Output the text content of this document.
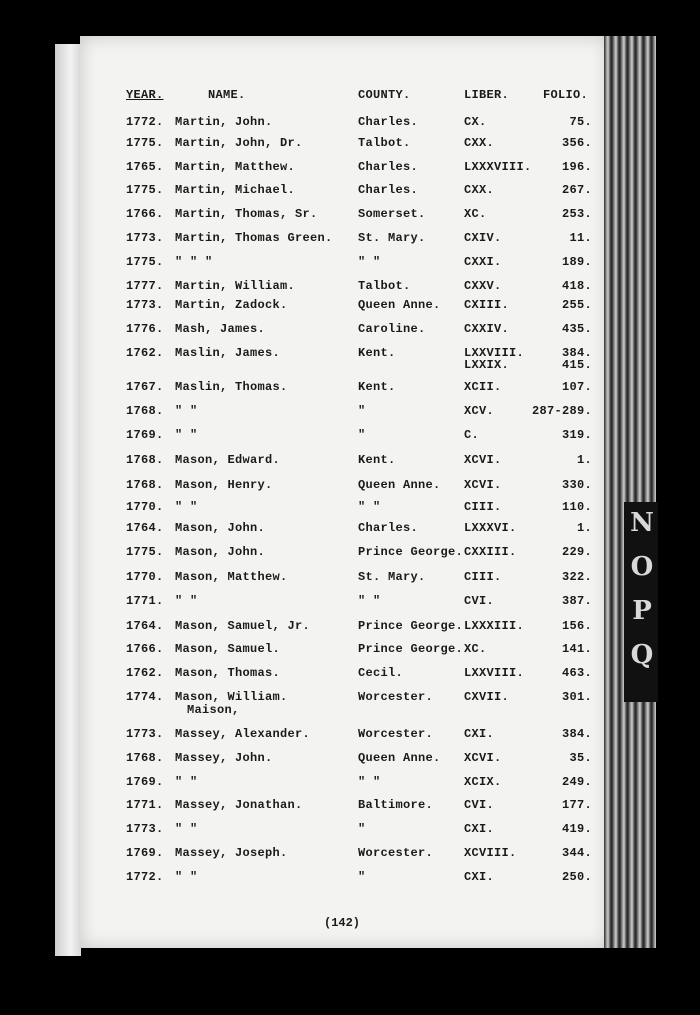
N
O
P
Q
YEAR.	NAME.	COUNTY.	LIBER.	FOLIO.
1772. Martin, John.	Charles.	CX.	75.
1775. Martin, John, Dr.	Talbot.	CXX.	356.
1765. Martin, Matthew.	Charles.	LXXXVIII.	196.
1775. Martin, Michael.	Charles.	CXX.	267.
1766. Martin, Thomas, Sr.	Somerset.	XC.	253.
1773. Martin, Thomas Green. St. Mary.	CXIV.	11.
1775. " " "	" "	CXXI.	189.
1777. Martin, William.	Talbot.	CXXV.	418.
1773. Martin, Zadock.	Queen Anne. CXIII.	255.
1776. Mash, James.	Caroline.	CXXIV.	435.
1762. Maslin, James.	Kent.	LXXVIII.	384.
LXXIX.	415.
1767. Maslin, Thomas.	Kent.	XCII.	107.
1768. " "	"	XCV.	287-289.
1769. " "	"	C.	319.
1768. Mason, Edward.	Kent.	XCVI.	1.
1768. Mason, Henry.	Queen Anne. XCVI.	330.
1770. " "	" "	CIII.	110.
1764. Mason, John.	Charles.	LXXXVI.	1.
1775. Mason, John.	Prince George. CXXIII.	229.
1770. Mason, Matthew.	St. Mary.	CIII.	322.
1771. " "	" "	CVI.	387.
1764. Mason, Samuel, Jr.	Prince George. LXXXIII.	156.
1766. Mason, Samuel.	Prince George. XC.	141.
1762. Mason, Thomas.	Cecil.	LXXVIII.	463.
1774. Mason, William.	Worcester.	CXVII.	301.
Maison,
1773. Massey, Alexander.	Worcester.	CXI.	384.
1768. Massey, John.	Queen Anne. XCVI.	35.
1769. " "	" "	XCIX.	249.
1771. Massey, Jonathan.	Baltimore.	CVI.	177.
1773. " "	"	CXI.	419.
1769. Massey, Joseph.	Worcester.	XCVIII.	344.
1772. " "	"	CXI.	250.
(142)
